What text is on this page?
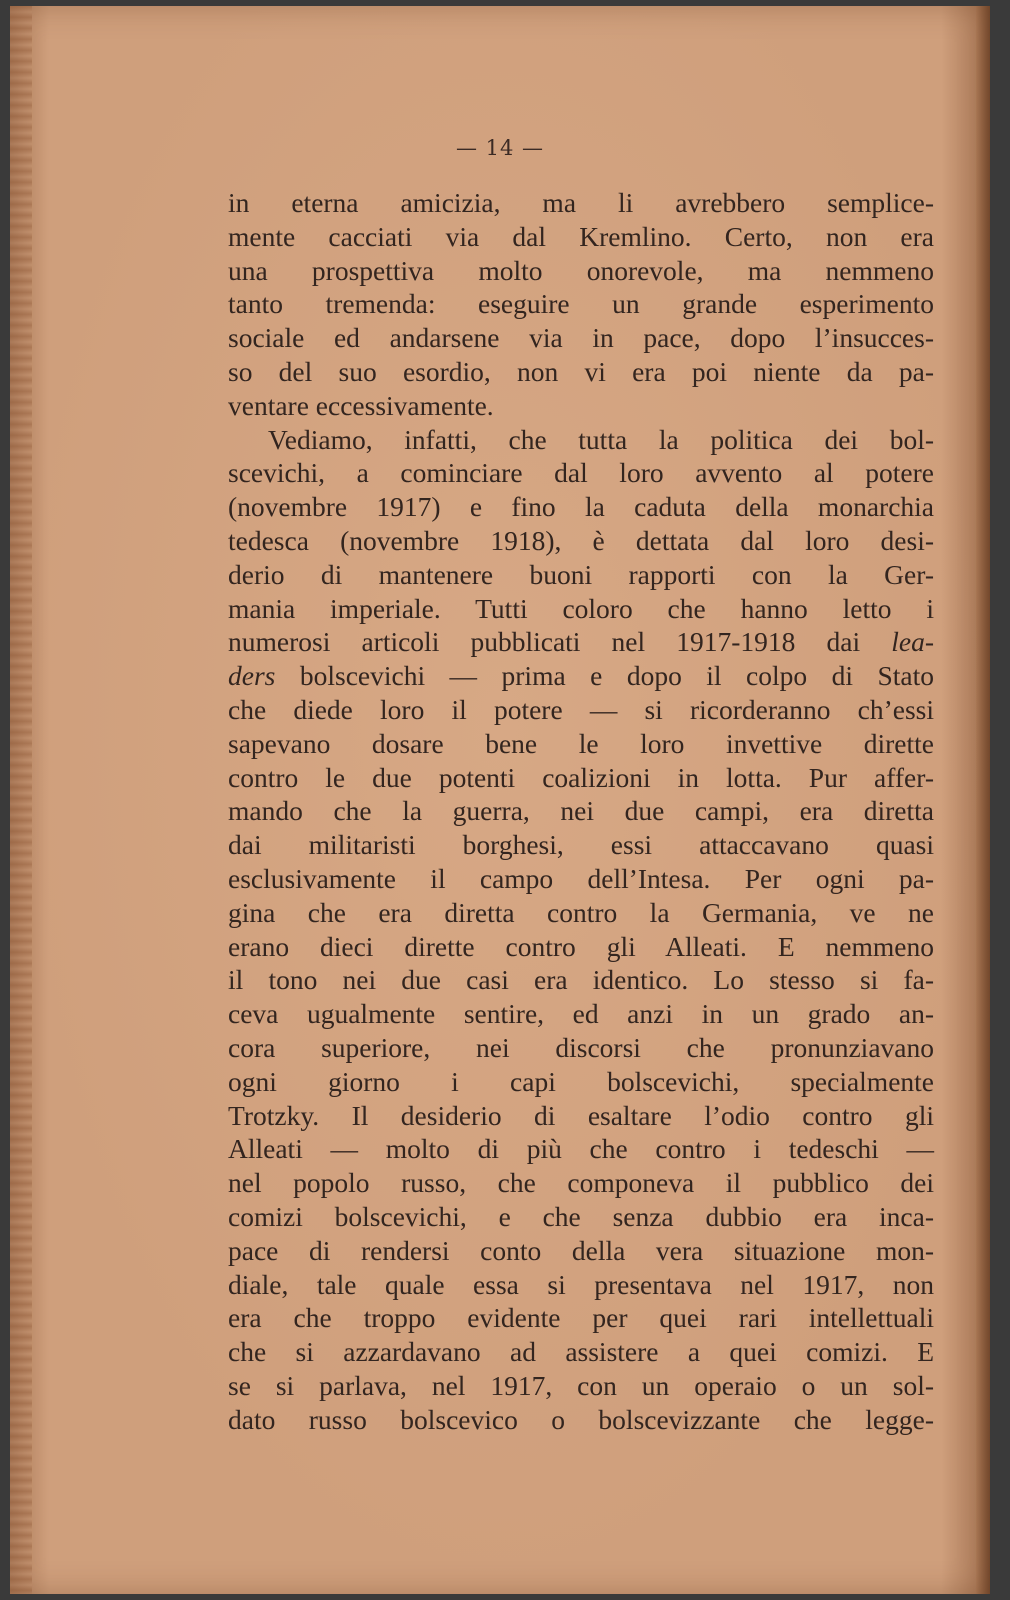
— 14 —
in eterna amicizia, ma li avrebbero semplice-
mente cacciati via dal Kremlino. Certo, non era
una prospettiva molto onorevole, ma nemmeno
tanto tremenda: eseguire un grande esperimento
sociale ed andarsene via in pace, dopo l’insucces-
so del suo esordio, non vi era poi niente da pa-
ventare eccessivamente.
Vediamo, infatti, che tutta la politica dei bol-
scevichi, a cominciare dal loro avvento al potere
(novembre 1917) e fino la caduta della monarchia
tedesca (novembre 1918), è dettata dal loro desi-
derio di mantenere buoni rapporti con la Ger-
mania imperiale. Tutti coloro che hanno letto i
numerosi articoli pubblicati nel 1917-1918 dai lea-
ders bolscevichi — prima e dopo il colpo di Stato
che diede loro il potere — si ricorderanno ch’essi
sapevano dosare bene le loro invettive dirette
contro le due potenti coalizioni in lotta. Pur affer-
mando che la guerra, nei due campi, era diretta
dai militaristi borghesi, essi attaccavano quasi
esclusivamente il campo dell’Intesa. Per ogni pa-
gina che era diretta contro la Germania, ve ne
erano dieci dirette contro gli Alleati. E nemmeno
il tono nei due casi era identico. Lo stesso si fa-
ceva ugualmente sentire, ed anzi in un grado an-
cora superiore, nei discorsi che pronunziavano
ogni giorno i capi bolscevichi, specialmente
Trotzky. Il desiderio di esaltare l’odio contro gli
Alleati — molto di più che contro i tedeschi —
nel popolo russo, che componeva il pubblico dei
comizi bolscevichi, e che senza dubbio era inca-
pace di rendersi conto della vera situazione mon-
diale, tale quale essa si presentava nel 1917, non
era che troppo evidente per quei rari intellettuali
che si azzardavano ad assistere a quei comizi. E
se si parlava, nel 1917, con un operaio o un sol-
dato russo bolscevico o bolscevizzante che legge-
